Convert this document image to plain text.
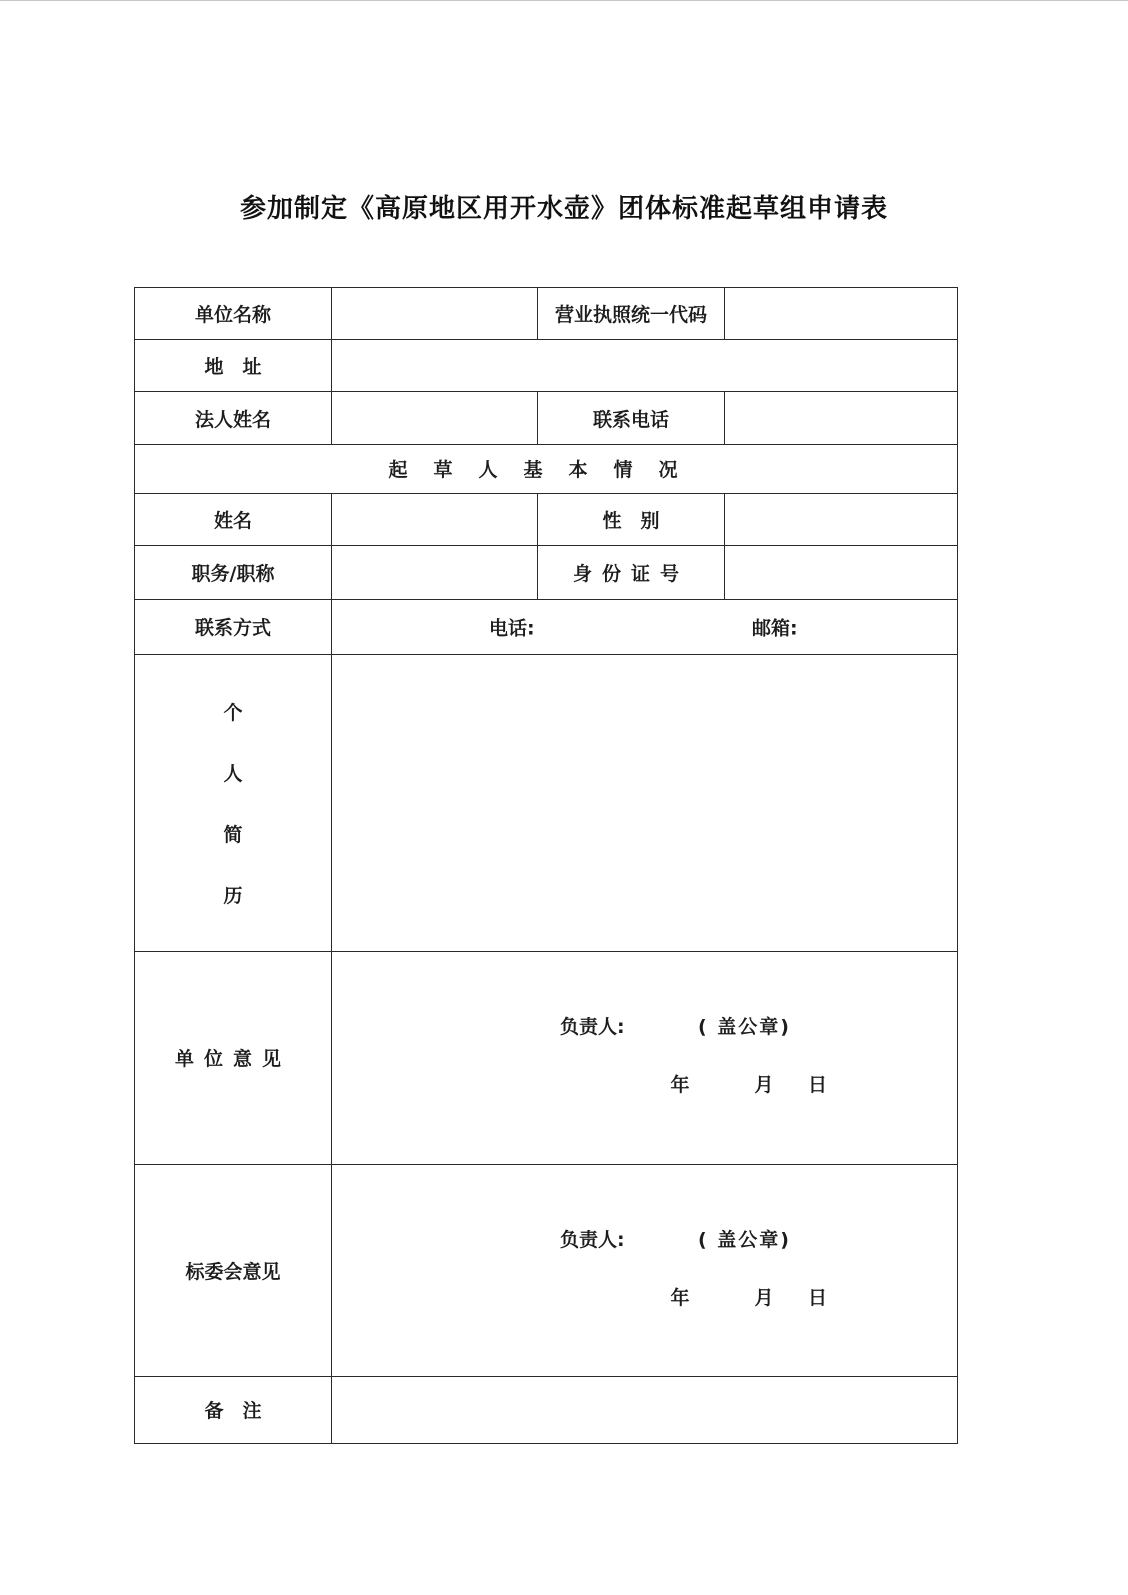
参加制定《高原地区用开水壶》团体标准起草组申请表
单位名称		营业执照统一代码	
地　址			
法人姓名		联系电话	
起草人基本情况			
姓名		性　别	
职务/职称		身份证号	
联系方式	电话: 邮箱:		

个
人
简
历			

单位意见	负责人: ( 盖公章)
年 月 日		

标委会意见	负责人: ( 盖公章)
年 月 日		

备　注			
